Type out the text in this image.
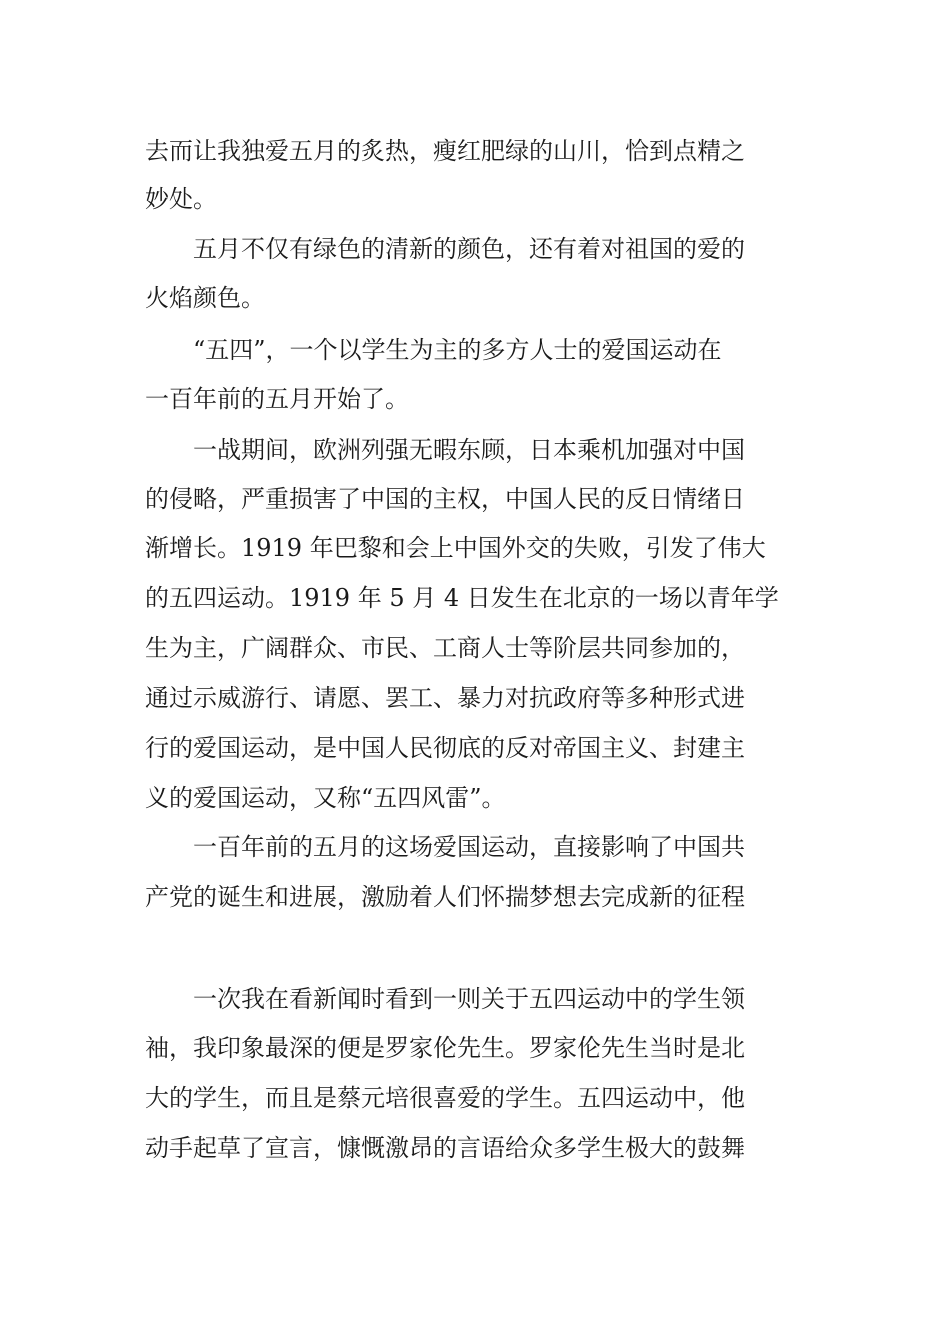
去而让我独爱五月的炙热，瘦红肥绿的山川，恰到点精之
妙处。
五月不仅有绿色的清新的颜色，还有着对祖国的爱的
火焰颜色。
“五四”，一个以学生为主的多方人士的爱国运动在
一百年前的五月开始了。
一战期间，欧洲列强无暇东顾，日本乘机加强对中国
的侵略，严重损害了中国的主权，中国人民的反日情绪日
渐增长。1919 年巴黎和会上中国外交的失败，引发了伟大
的五四运动。1919 年 5 月 4 日发生在北京的一场以青年学
生为主，广阔群众、市民、工商人士等阶层共同参加的，
通过示威游行、请愿、罢工、暴力对抗政府等多种形式进
行的爱国运动，是中国人民彻底的反对帝国主义、封建主
义的爱国运动，又称“五四风雷”。
一百年前的五月的这场爱国运动，直接影响了中国共
产党的诞生和进展，激励着人们怀揣梦想去完成新的征程
一次我在看新闻时看到一则关于五四运动中的学生领
袖，我印象最深的便是罗家伦先生。罗家伦先生当时是北
大的学生，而且是蔡元培很喜爱的学生。五四运动中，他
动手起草了宣言，慷慨激昂的言语给众多学生极大的鼓舞
